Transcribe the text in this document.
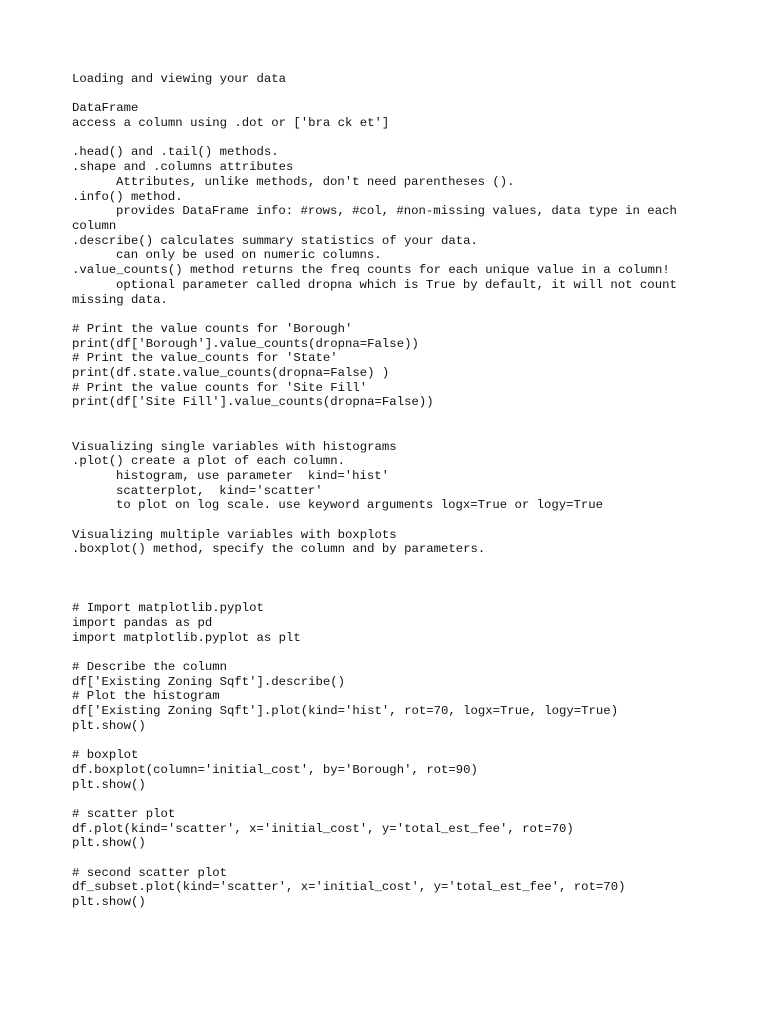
Loading and viewing your data
DataFrame
access a column using .dot or ['bra ck et']
.head() and .tail() methods.
.shape and .columns attributes
Attributes, unlike methods, don't need parentheses ().
.info() method.
provides DataFrame info: #rows, #col, #non-missing values, data type in each
column
.describe() calculates summary statistics of your data.
can only be used on numeric columns.
.value_counts() method returns the freq counts for each unique value in a column!
optional parameter called dropna which is True by default, it will not count
missing data.
# Print the value counts for 'Borough'
print(df['Borough'].value_counts(dropna=False))
# Print the value_counts for 'State'
print(df.state.value_counts(dropna=False) )
# Print the value counts for 'Site Fill'
print(df['Site Fill'].value_counts(dropna=False))
Visualizing single variables with histograms
.plot() create a plot of each column.
histogram, use parameter  kind='hist'
scatterplot,  kind='scatter'
to plot on log scale. use keyword arguments logx=True or logy=True
Visualizing multiple variables with boxplots
.boxplot() method, specify the column and by parameters.
# Import matplotlib.pyplot
import pandas as pd
import matplotlib.pyplot as plt
# Describe the column
df['Existing Zoning Sqft'].describe()
# Plot the histogram
df['Existing Zoning Sqft'].plot(kind='hist', rot=70, logx=True, logy=True)
plt.show()
# boxplot
df.boxplot(column='initial_cost', by='Borough', rot=90)
plt.show()
# scatter plot
df.plot(kind='scatter', x='initial_cost', y='total_est_fee', rot=70)
plt.show()
# second scatter plot
df_subset.plot(kind='scatter', x='initial_cost', y='total_est_fee', rot=70)
plt.show()
